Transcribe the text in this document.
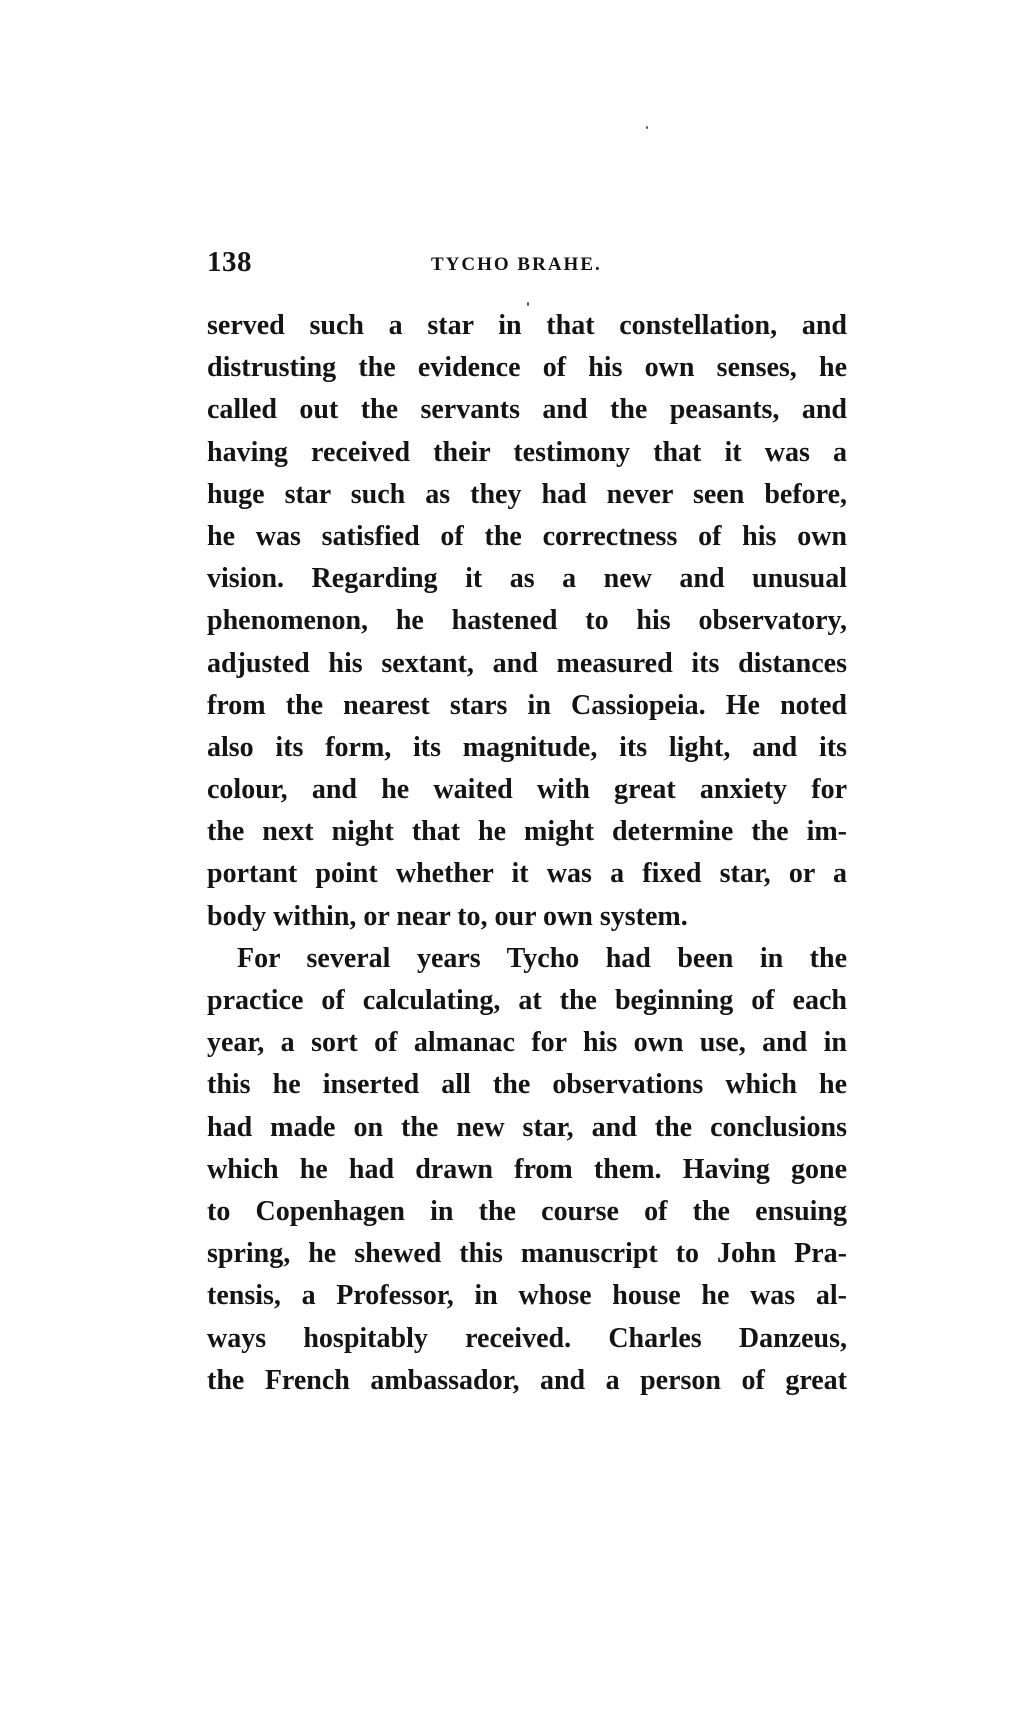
138	TYCHO BRAHE.
served such a star in that constellation, and
distrusting the evidence of his own senses, he
called out the servants and the peasants, and
having received their testimony that it was a
huge star such as they had never seen before,
he was satisfied of the correctness of his own
vision. Regarding it as a new and unusual
phenomenon, he hastened to his observatory,
adjusted his sextant, and measured its distances
from the nearest stars in Cassiopeia. He noted
also its form, its magnitude, its light, and its
colour, and he waited with great anxiety for
the next night that he might determine the im-
portant point whether it was a fixed star, or a
body within, or near to, our own system.
For several years Tycho had been in the
practice of calculating, at the beginning of each
year, a sort of almanac for his own use, and in
this he inserted all the observations which he
had made on the new star, and the conclusions
which he had drawn from them. Having gone
to Copenhagen in the course of the ensuing
spring, he shewed this manuscript to John Pra-
tensis, a Professor, in whose house he was al-
ways hospitably received. Charles Danzeus,
the French ambassador, and a person of great
